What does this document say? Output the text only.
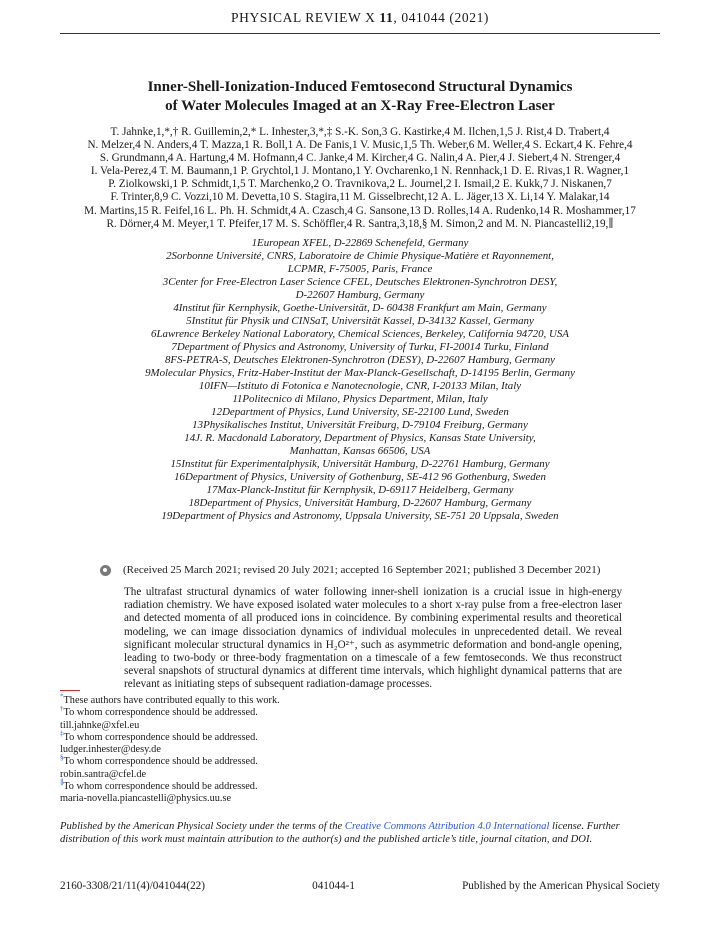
PHYSICAL REVIEW X 11, 041044 (2021)
Inner-Shell-Ionization-Induced Femtosecond Structural Dynamics
of Water Molecules Imaged at an X-Ray Free-Electron Laser
T. Jahnke,1,*,† R. Guillemin,2,* L. Inhester,3,*,‡ S.-K. Son,3 G. Kastirke,4 M. Ilchen,1,5 J. Rist,4 D. Trabert,4
N. Melzer,4 N. Anders,4 T. Mazza,1 R. Boll,1 A. De Fanis,1 V. Music,1,5 Th. Weber,6 M. Weller,4 S. Eckart,4 K. Fehre,4
S. Grundmann,4 A. Hartung,4 M. Hofmann,4 C. Janke,4 M. Kircher,4 G. Nalin,4 A. Pier,4 J. Siebert,4 N. Strenger,4
I. Vela-Perez,4 T. M. Baumann,1 P. Grychtol,1 J. Montano,1 Y. Ovcharenko,1 N. Rennhack,1 D. E. Rivas,1 R. Wagner,1
P. Ziolkowski,1 P. Schmidt,1,5 T. Marchenko,2 O. Travnikova,2 L. Journel,2 I. Ismail,2 E. Kukk,7 J. Niskanen,7
F. Trinter,8,9 C. Vozzi,10 M. Devetta,10 S. Stagira,11 M. Gisselbrecht,12 A. L. Jäger,13 X. Li,14 Y. Malakar,14
M. Martins,15 R. Feifel,16 L. Ph. H. Schmidt,4 A. Czasch,4 G. Sansone,13 D. Rolles,14 A. Rudenko,14 R. Moshammer,17
R. Dörner,4 M. Meyer,1 T. Pfeifer,17 M. S. Schöffler,4 R. Santra,3,18,§ M. Simon,2 and M. N. Piancastelli2,19,∥
1European XFEL, D-22869 Schenefeld, Germany
2Sorbonne Université, CNRS, Laboratoire de Chimie Physique-Matière et Rayonnement,
LCPMR, F-75005, Paris, France
3Center for Free-Electron Laser Science CFEL, Deutsches Elektronen-Synchrotron DESY,
D-22607 Hamburg, Germany
4Institut für Kernphysik, Goethe-Universität, D- 60438 Frankfurt am Main, Germany
5Institut für Physik und CINSaT, Universität Kassel, D-34132 Kassel, Germany
6Lawrence Berkeley National Laboratory, Chemical Sciences, Berkeley, California 94720, USA
7Department of Physics and Astronomy, University of Turku, FI-20014 Turku, Finland
8FS-PETRA-S, Deutsches Elektronen-Synchrotron (DESY), D-22607 Hamburg, Germany
9Molecular Physics, Fritz-Haber-Institut der Max-Planck-Gesellschaft, D-14195 Berlin, Germany
10IFN—Istituto di Fotonica e Nanotecnologie, CNR, I-20133 Milan, Italy
11Politecnico di Milano, Physics Department, Milan, Italy
12Department of Physics, Lund University, SE-22100 Lund, Sweden
13Physikalisches Institut, Universität Freiburg, D-79104 Freiburg, Germany
14J. R. Macdonald Laboratory, Department of Physics, Kansas State University,
Manhattan, Kansas 66506, USA
15Institut für Experimentalphysik, Universität Hamburg, D-22761 Hamburg, Germany
16Department of Physics, University of Gothenburg, SE-412 96 Gothenburg, Sweden
17Max-Planck-Institut für Kernphysik, D-69117 Heidelberg, Germany
18Department of Physics, Universität Hamburg, D-22607 Hamburg, Germany
19Department of Physics and Astronomy, Uppsala University, SE-751 20 Uppsala, Sweden
(Received 25 March 2021; revised 20 July 2021; accepted 16 September 2021; published 3 December 2021)
The ultrafast structural dynamics of water following inner-shell ionization is a crucial issue in high-energy radiation chemistry. We have exposed isolated water molecules to a short x-ray pulse from a free-electron laser and detected momenta of all produced ions in coincidence. By combining experimental results and theoretical modeling, we can image dissociation dynamics of individual molecules in unprecedented detail. We reveal significant molecular structural dynamics in H₂O²⁺, such as asymmetric deformation and bond-angle opening, leading to two-body or three-body fragmentation on a timescale of a few femtoseconds. We thus reconstruct several snapshots of structural dynamics at different time intervals, which highlight dynamical patterns that are relevant as initiating steps of subsequent radiation-damage processes.
*These authors have contributed equally to this work.
†To whom correspondence should be addressed.
till.jahnke@xfel.eu
‡To whom correspondence should be addressed.
ludger.inhester@desy.de
§To whom correspondence should be addressed.
robin.santra@cfel.de
∥To whom correspondence should be addressed.
maria-novella.piancastelli@physics.uu.se
Published by the American Physical Society under the terms of the Creative Commons Attribution 4.0 International license. Further distribution of this work must maintain attribution to the author(s) and the published article’s title, journal citation, and DOI.
2160-3308/21/11(4)/041044(22)	041044-1	Published by the American Physical Society
